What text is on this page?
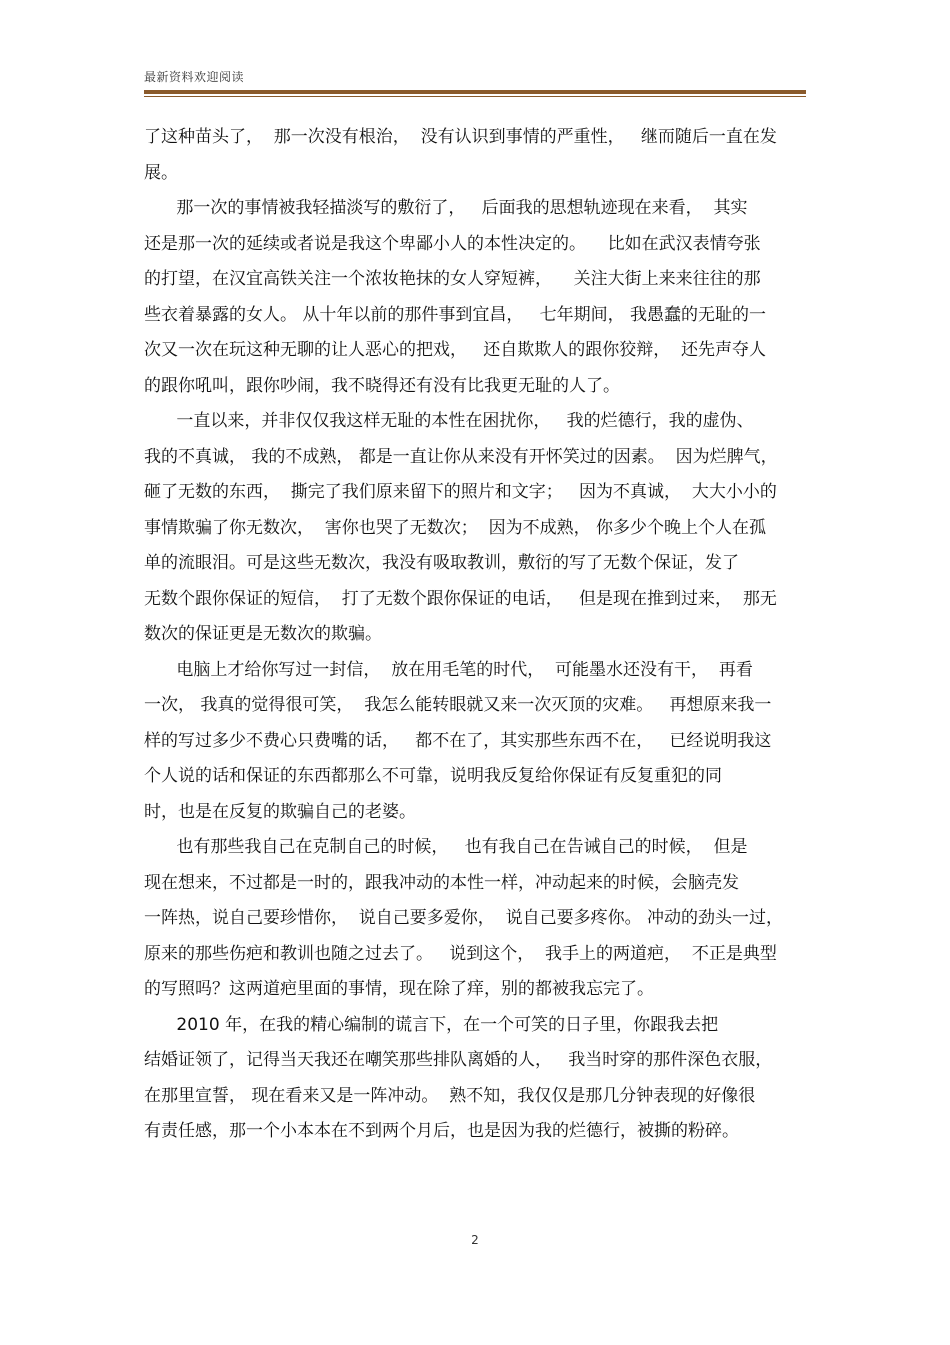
最新资料欢迎阅读
了这种苗头了，  那一次没有根治，  没有认识到事情的严重性，   继而随后一直在发
展。
那一次的事情被我轻描淡写的敷衍了，   后面我的思想轨迹现在来看，  其实
还是那一次的延续或者说是我这个卑鄙小人的本性决定的。    比如在武汉表情夸张
的打望，在汉宜高铁关注一个浓妆艳抹的女人穿短裤，    关注大街上来来往往的那
些衣着暴露的女人。 从十年以前的那件事到宜昌，   七年期间， 我愚蠢的无耻的一
次又一次在玩这种无聊的让人恶心的把戏，   还自欺欺人的跟你狡辩，  还先声夺人
的跟你吼叫，跟你吵闹，我不晓得还有没有比我更无耻的人了。
一直以来，并非仅仅我这样无耻的本性在困扰你，   我的烂德行，我的虚伪、
我的不真诚， 我的不成熟， 都是一直让你从来没有开怀笑过的因素。  因为烂脾气，
砸了无数的东西，  撕完了我们原来留下的照片和文字；   因为不真诚，  大大小小的
事情欺骗了你无数次，  害你也哭了无数次；  因为不成熟， 你多少个晚上个人在孤
单的流眼泪。可是这些无数次，我没有吸取教训，敷衍的写了无数个保证，发了
无数个跟你保证的短信，  打了无数个跟你保证的电话，   但是现在推到过来，  那无
数次的保证更是无数次的欺骗。
电脑上才给你写过一封信，  放在用毛笔的时代，  可能墨水还没有干，  再看
一次， 我真的觉得很可笑，  我怎么能转眼就又来一次灭顶的灾难。   再想原来我一
样的写过多少不费心只费嘴的话，   都不在了，其实那些东西不在，   已经说明我这
个人说的话和保证的东西都那么不可靠，说明我反复给你保证有反复重犯的同
时，也是在反复的欺骗自己的老婆。
也有那些我自己在克制自己的时候，   也有我自己在告诫自己的时候，  但是
现在想来，不过都是一时的，跟我冲动的本性一样，冲动起来的时候，会脑壳发
一阵热，说自己要珍惜你，  说自己要多爱你，  说自己要多疼你。 冲动的劲头一过，
原来的那些伤疤和教训也随之过去了。   说到这个，  我手上的两道疤，  不正是典型
的写照吗？这两道疤里面的事情，现在除了痒，别的都被我忘完了。
2010 年，在我的精心编制的谎言下，在一个可笑的日子里，你跟我去把
结婚证领了，记得当天我还在嘲笑那些排队离婚的人，   我当时穿的那件深色衣服，
在那里宣誓， 现在看来又是一阵冲动。  熟不知，我仅仅是那几分钟表现的好像很
有责任感，那一个小本本在不到两个月后，也是因为我的烂德行，被撕的粉碎。
2
